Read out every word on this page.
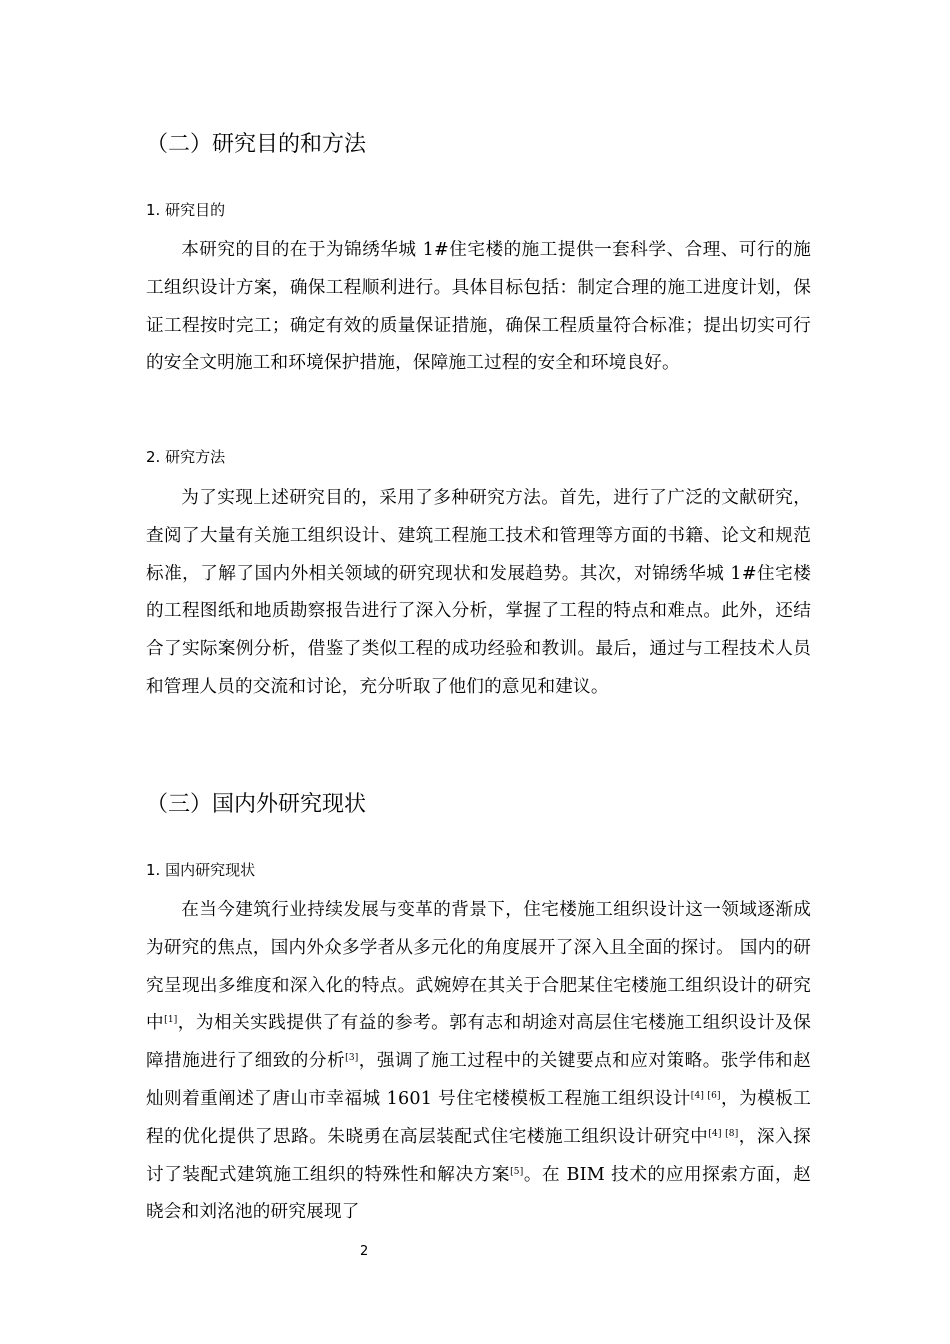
（二）研究目的和方法
1. 研究目的

本研究的目的在于为锦绣华城 1#住宅楼的施工提供一套科学、合理、可行的施工组织设计方案，确保工程顺利进行。具体目标包括：制定合理的施工进度计划，保证工程按时完工；确定有效的质量保证措施，确保工程质量符合标准；提出切实可行的安全文明施工和环境保护措施，保障施工过程的安全和环境良好。

2. 研究方法

为了实现上述研究目的，采用了多种研究方法。首先，进行了广泛的文献研究，查阅了大量有关施工组织设计、建筑工程施工技术和管理等方面的书籍、论文和规范标准，了解了国内外相关领域的研究现状和发展趋势。其次，对锦绣华城 1#住宅楼的工程图纸和地质勘察报告进行了深入分析，掌握了工程的特点和难点。此外，还结合了实际案例分析，借鉴了类似工程的成功经验和教训。最后，通过与工程技术人员和管理人员的交流和讨论，充分听取了他们的意见和建议。

（三）国内外研究现状
1. 国内研究现状

在当今建筑行业持续发展与变革的背景下，住宅楼施工组织设计这一领域逐渐成为研究的焦点，国内外众多学者从多元化的角度展开了深入且全面的探讨。 国内的研究呈现出多维度和深入化的特点。武婉婷在其关于合肥某住宅楼施工组织设计的研究中[1]，为相关实践提供了有益的参考。郭有志和胡途对高层住宅楼施工组织设计及保障措施进行了细致的分析[3]，强调了施工过程中的关键要点和应对策略。张学伟和赵灿则着重阐述了唐山市幸福城 1601 号住宅楼模板工程施工组织设计[4] [6]，为模板工程的优化提供了思路。朱晓勇在高层装配式住宅楼施工组织设计研究中[4] [8]，深入探讨了装配式建筑施工组织的特殊性和解决方案[5]。在 BIM 技术的应用探索方面，赵晓会和刘洺池的研究展现了

2
